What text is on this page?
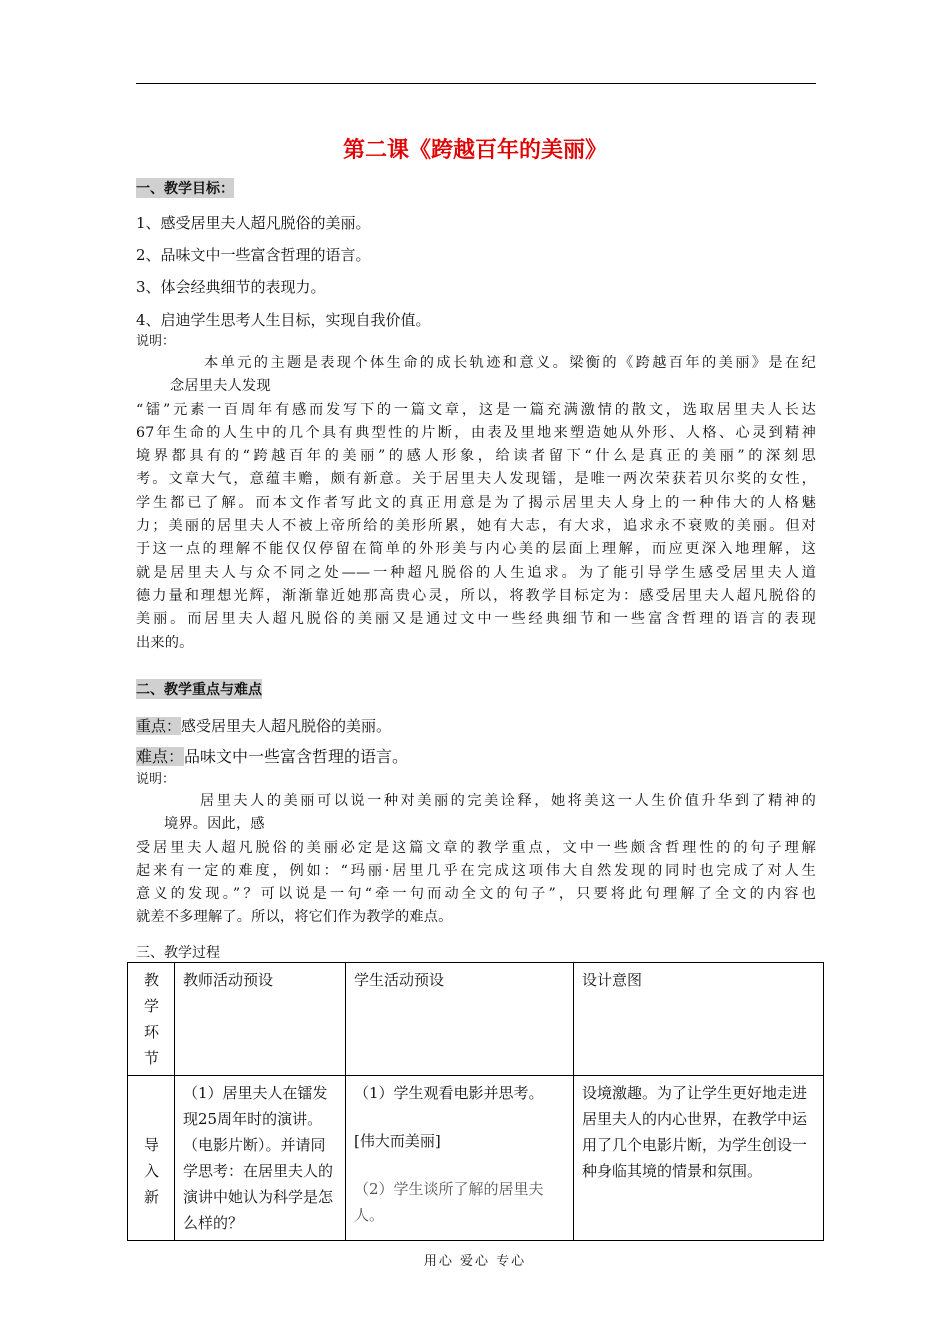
第二课《跨越百年的美丽》
一、教学目标：
1、感受居里夫人超凡脱俗的美丽。
2、品味文中一些富含哲理的语言。
3、体会经典细节的表现力。
4、启迪学生思考人生目标，实现自我价值。
说明：
本单元的主题是表现个体生命的成长轨迹和意义。梁衡的《跨越百年的美丽》是在纪
念居里夫人发现
“镭”元素一百周年有感而发写下的一篇文章，这是一篇充满激情的散文，选取居里夫人长达
67年生命的人生中的几个具有典型性的片断，由表及里地来塑造她从外形、人格、心灵到精神
境界都具有的“跨越百年的美丽”的感人形象，给读者留下“什么是真正的美丽”的深刻思
考。文章大气，意蕴丰赡，颇有新意。关于居里夫人发现镭，是唯一两次荣获若贝尔奖的女性，
学生都已了解。而本文作者写此文的真正用意是为了揭示居里夫人身上的一种伟大的人格魅
力；美丽的居里夫人不被上帝所给的美形所累，她有大志，有大求，追求永不衰败的美丽。但对
于这一点的理解不能仅仅停留在简单的外形美与内心美的层面上理解，而应更深入地理解，这
就是居里夫人与众不同之处——一种超凡脱俗的人生追求。为了能引导学生感受居里夫人道
德力量和理想光辉，渐渐靠近她那高贵心灵，所以，将教学目标定为：感受居里夫人超凡脱俗的
美丽。而居里夫人超凡脱俗的美丽又是通过文中一些经典细节和一些富含哲理的语言的表现
出来的。
二、教学重点与难点
重点：感受居里夫人超凡脱俗的美丽。
难点：品味文中一些富含哲理的语言。
说明：
居里夫人的美丽可以说一种对美丽的完美诠释，她将美这一人生价值升华到了精神的
境界。因此，感
受居里夫人超凡脱俗的美丽必定是这篇文章的教学重点，文中一些颇含哲理性的的句子理解
起来有一定的难度，例如：“玛丽·居里几乎在完成这项伟大自然发现的同时也完成了对人生
意义的发现。”？可以说是一句“牵一句而动全文的句子”，只要将此句理解了全文的内容也
就差不多理解了。所以，将它们作为教学的难点。
三、教学过程
教学环节	教师活动预设	学生活动预设	设计意图

导入新	（1）居里夫人在镭发现25周年时的演讲。（电影片断）。并请同学思考：在居里夫人的演讲中她认为科学是怎么样的？	（1）学生观看电影并思考。
[伟大而美丽]
（2）学生谈所了解的居里夫人。	设境激趣。为了让学生更好地走进居里夫人的内心世界，在教学中运用了几个电影片断，为学生创设一种身临其境的情景和氛围。
用心 爱心 专心
